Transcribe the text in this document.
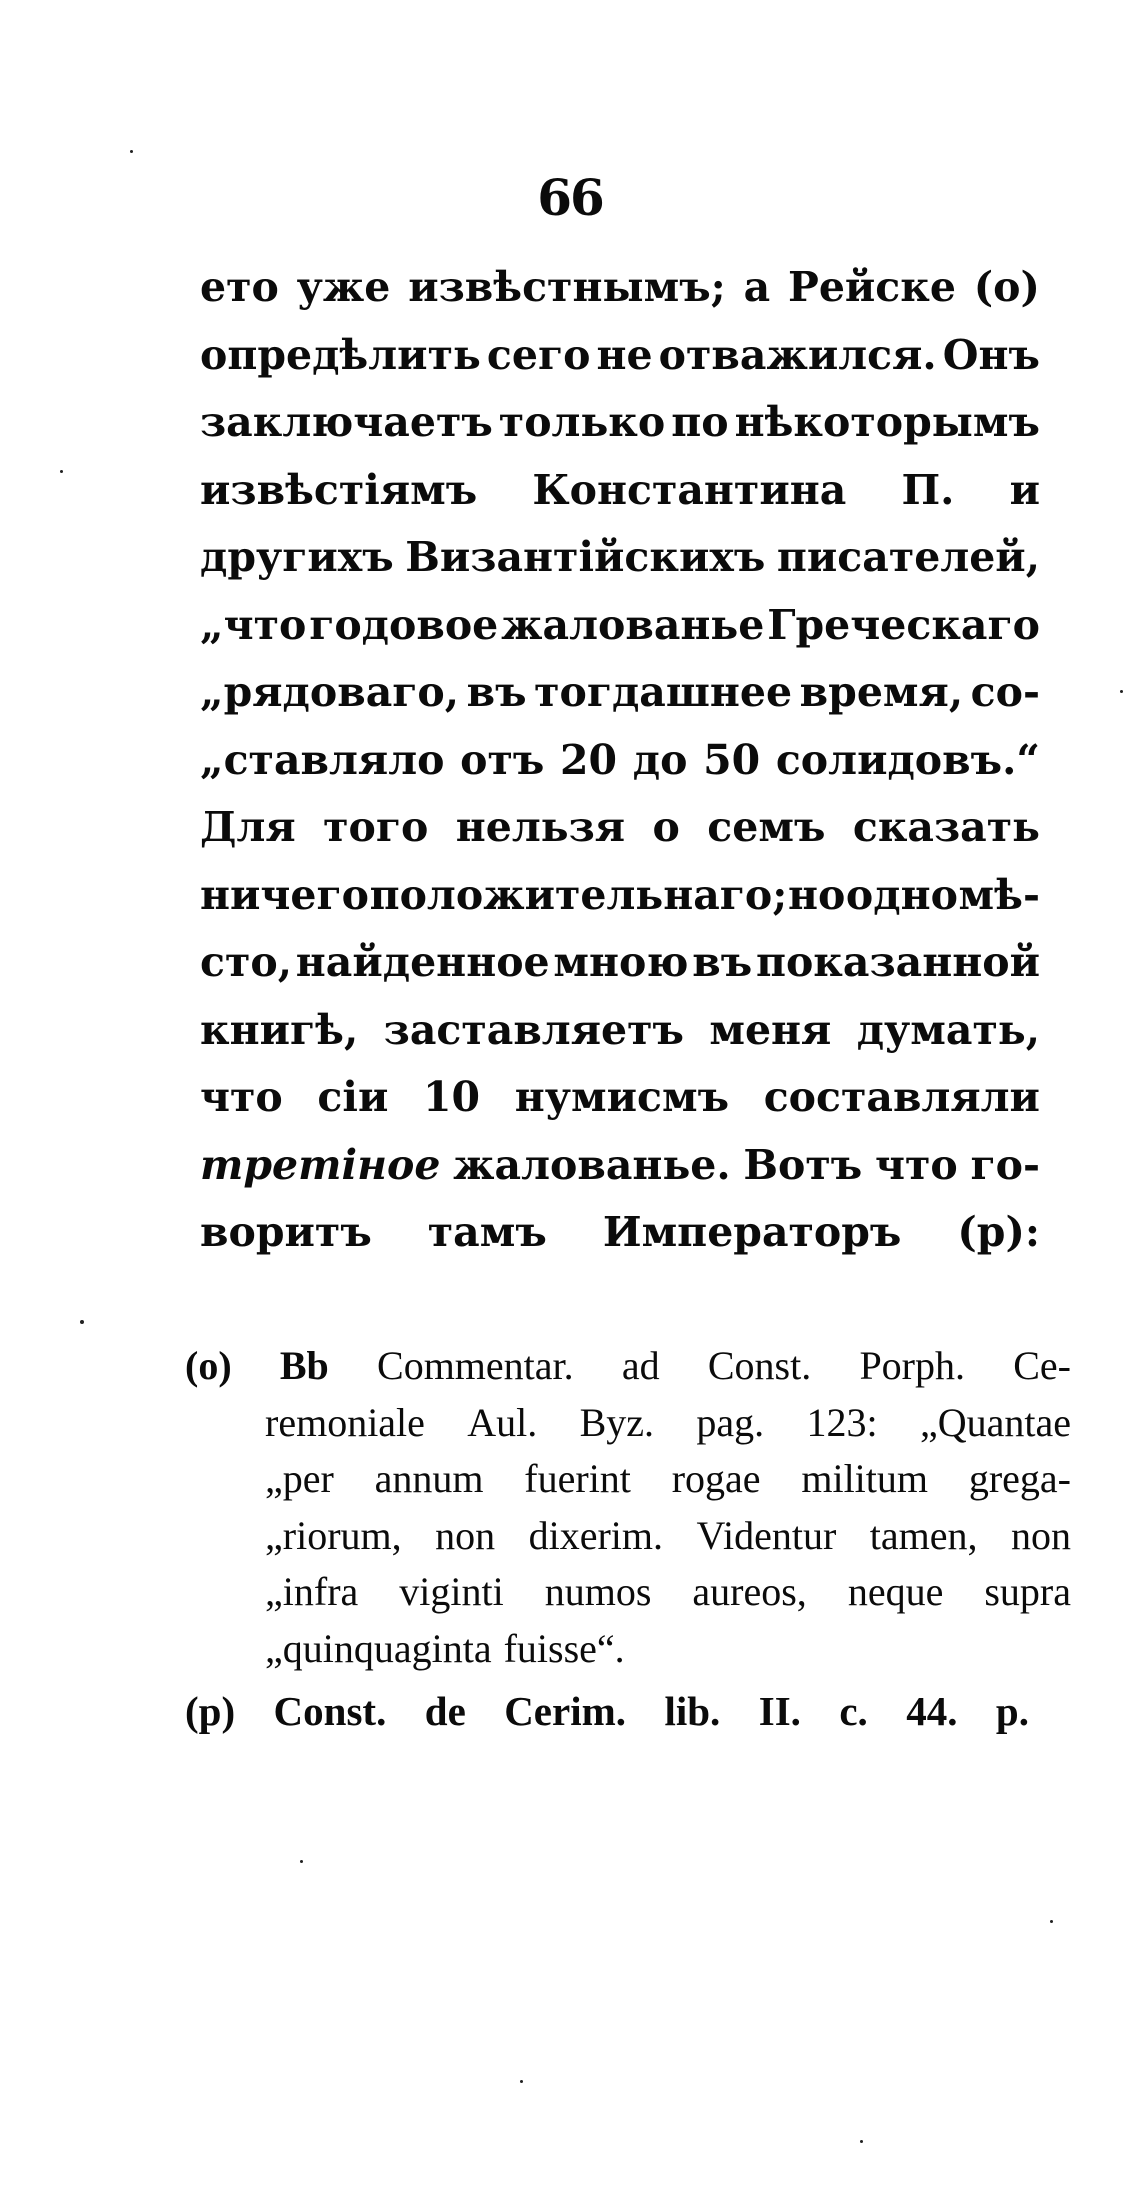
66
ето уже извѣстнымъ; а Рейске (о)
опредѣлить сего не отважился. Онъ
заключаетъ только по нѣкоторымъ
извѣстіямъ Константина П. и
другихъ Византійскихъ писателей,
„что годовое жалованье Греческаго
„рядоваго, въ тогдашнее время, со-
„ставляло отъ 20 до 50 солидовъ.“
Для того нельзя о семъ сказать
ничего положительнаго; но одно мѣ-
сто, найденное мною въ показанной
книгѣ, заставляетъ меня думать,
что сіи 10 нумисмъ составляли
третіное жалованье. Вотъ что го-
воритъ тамъ Императоръ (р):
(o) Bb Commentar. ad Const. Porph. Ce-
remoniale Aul. Byz. pag. 123: „Quantae
„per annum fuerint rogae militum grega-
„riorum, non dixerim. Videntur tamen, non
„infra viginti numos aureos, neque supra
„quinquaginta fuisse“.
(p) Const. de Cerim. lib. II. c. 44. p.
